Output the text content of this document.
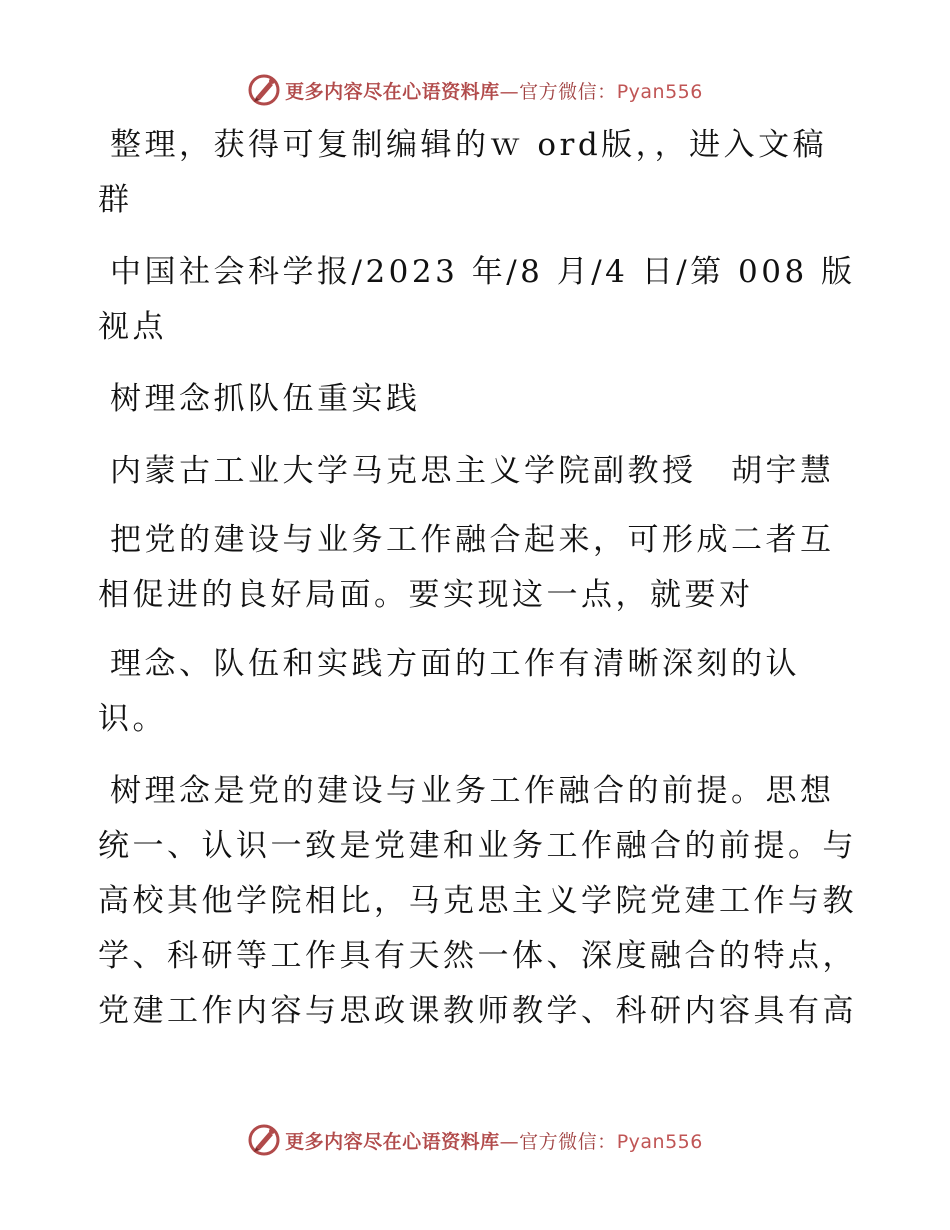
更多内容尽在心语资料库—官方微信：Pyan556

整理，获得可复制编辑的ｗ ord版，，进入文稿
群

中国社会科学报/2023 年/8 月/4 日/第 008 版
视点

树理念抓队伍重实践

内蒙古工业大学马克思主义学院副教授　胡宇慧

把党的建设与业务工作融合起来，可形成二者互
相促进的良好局面。要实现这一点，就要对

理念、队伍和实践方面的工作有清晰深刻的认
识。

树理念是党的建设与业务工作融合的前提。思想
统一、认识一致是党建和业务工作融合的前提。与
高校其他学院相比，马克思主义学院党建工作与教
学、科研等工作具有天然一体、深度融合的特点，
党建工作内容与思政课教师教学、科研内容具有高

更多内容尽在心语资料库—官方微信：Pyan556
